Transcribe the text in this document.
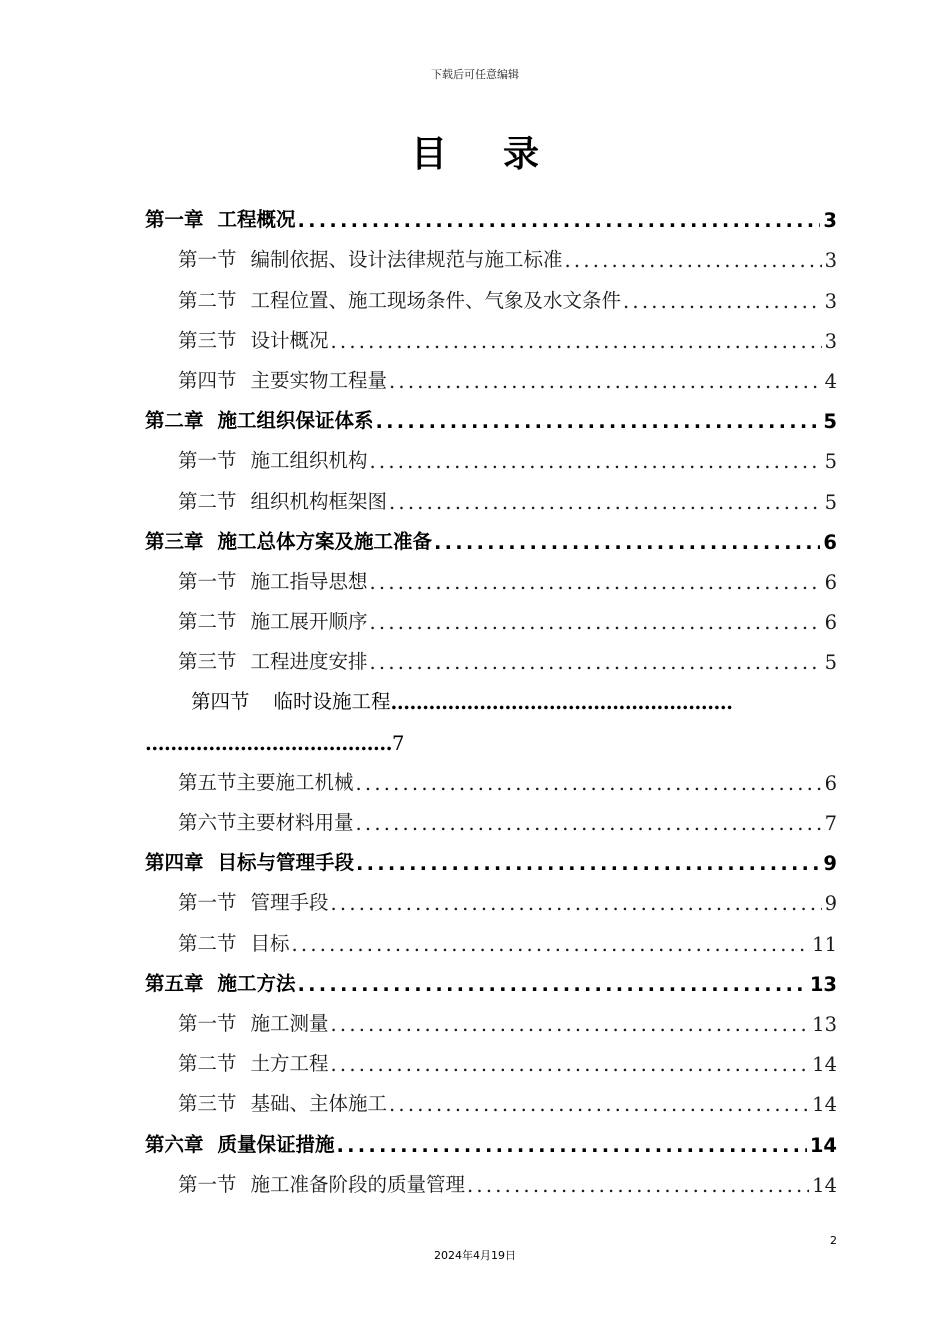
下载后可任意编辑
目录
第一章 工程概况 .....	3
第一节 编制依据、设计法律规范与施工标准 .....	3
第二节 工程位置、施工现场条件、气象及水文条件 .....	3
第三节 设计概况 .....	3
第四节 主要实物工程量 .....	4
第二章 施工组织保证体系 .....	5
第一节 施工组织机构 .....	5
第二节 组织机构框架图 .....	5
第三章 施工总体方案及施工准备 .....	6
第一节 施工指导思想 .....	6
第二节 施工展开顺序 .....	6
第三节 工程进度安排 .....	5
第四节 临时设施工程 ………………………………………………
………………………………… 7
第五节主要施工机械 .....	6
第六节主要材料用量 .....	7
第四章 目标与管理手段 .....	9
第一节 管理手段 .....	9
第二节 目标 .....	11
第五章 施工方法 .....	13
第一节 施工测量 .....	13
第二节 土方工程 .....	14
第三节 基础、主体施工 .....	14
第六章 质量保证措施 .....	14
第一节 施工准备阶段的质量管理 .....	14
2
2024年4月19日
